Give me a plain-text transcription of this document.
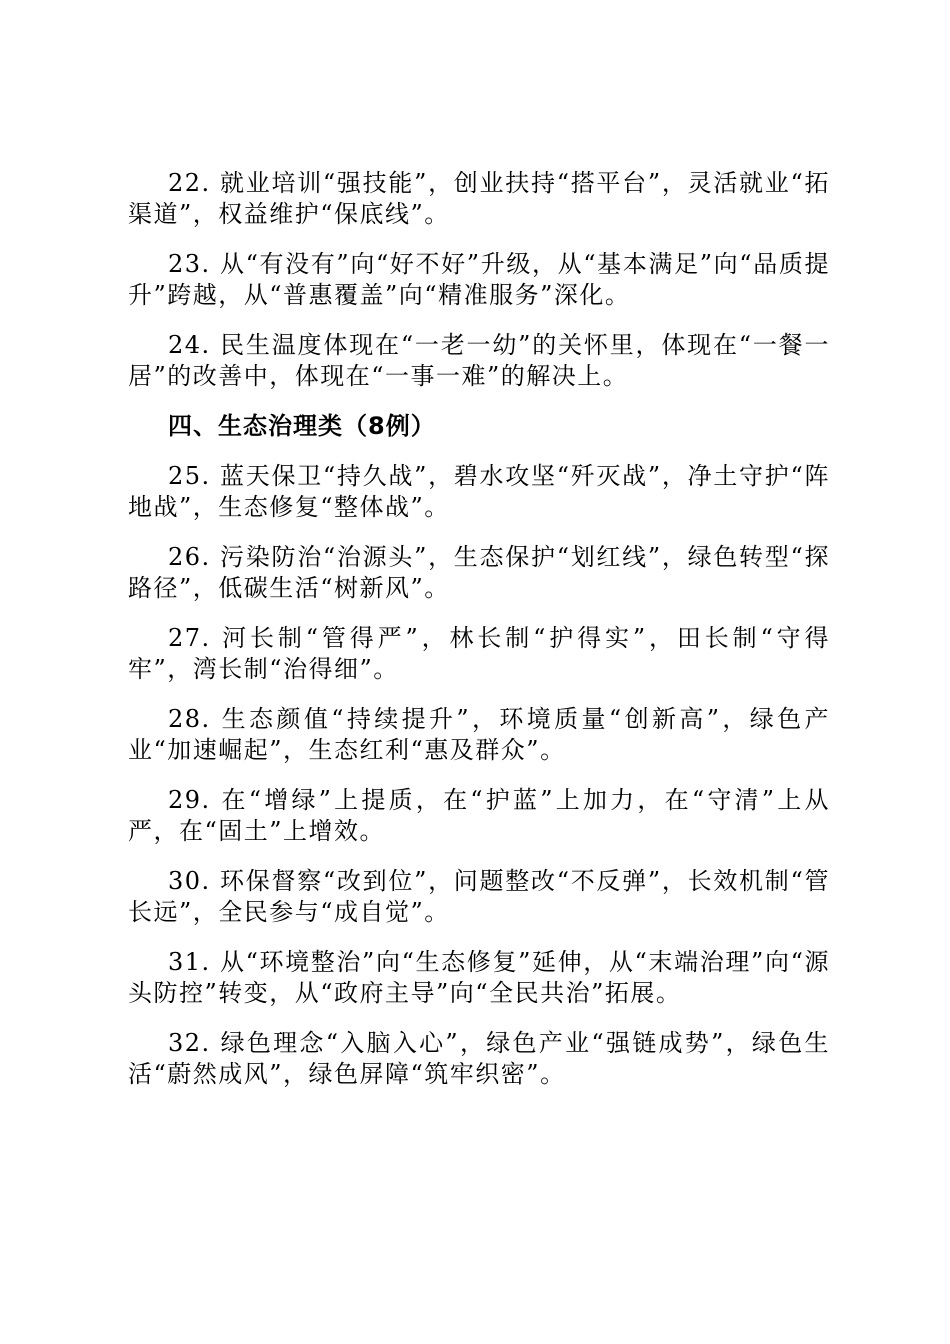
22. 就业培训“强技能”，创业扶持“搭平台”，灵活就业“拓渠道”，权益维护“保底线”。

23. 从“有没有”向“好不好”升级，从“基本满足”向“品质提升”跨越，从“普惠覆盖”向“精准服务”深化。

24. 民生温度体现在“一老一幼”的关怀里，体现在“一餐一居”的改善中，体现在“一事一难”的解决上。

四、生态治理类（8例）

25. 蓝天保卫“持久战”，碧水攻坚“歼灭战”，净土守护“阵地战”，生态修复“整体战”。

26. 污染防治“治源头”，生态保护“划红线”，绿色转型“探路径”，低碳生活“树新风”。

27. 河长制“管得严”，林长制“护得实”，田长制“守得牢”，湾长制“治得细”。

28. 生态颜值“持续提升”，环境质量“创新高”，绿色产业“加速崛起”，生态红利“惠及群众”。

29. 在“增绿”上提质，在“护蓝”上加力，在“守清”上从严，在“固土”上增效。

30. 环保督察“改到位”，问题整改“不反弹”，长效机制“管长远”，全民参与“成自觉”。

31. 从“环境整治”向“生态修复”延伸，从“末端治理”向“源头防控”转变，从“政府主导”向“全民共治”拓展。

32. 绿色理念“入脑入心”，绿色产业“强链成势”，绿色生活“蔚然成风”，绿色屏障“筑牢织密”。
